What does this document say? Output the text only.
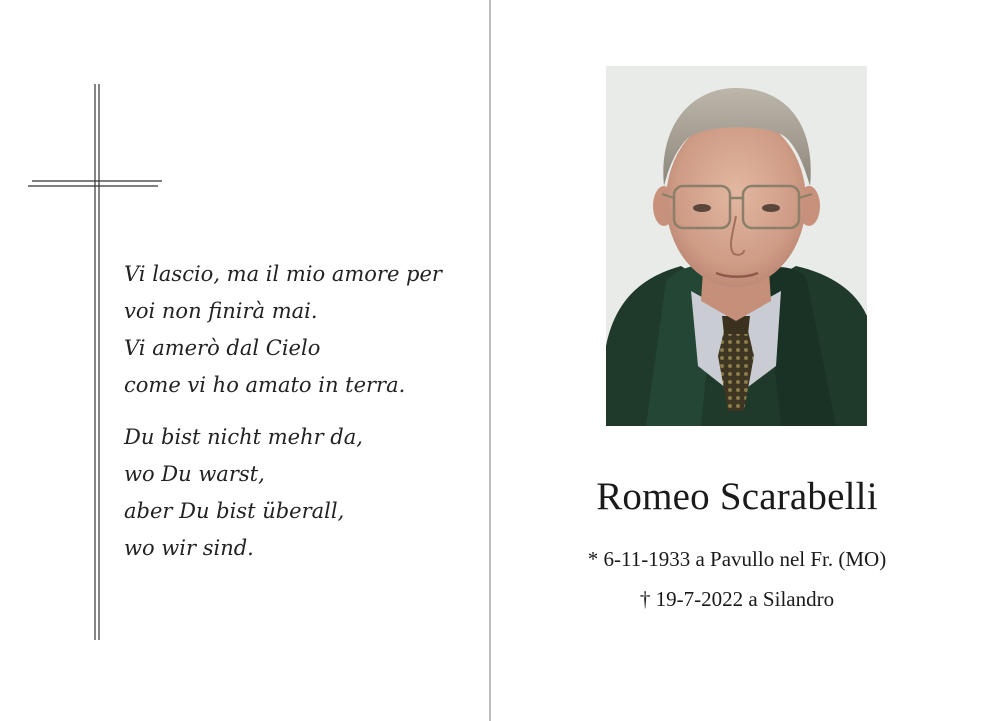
Vi lascio, ma il mio amore per
voi non finirà mai.
Vi amerò dal Cielo
come vi ho amato in terra.

Du bist nicht mehr da,
wo Du warst,
aber Du bist überall,
wo wir sind.

Romeo Scarabelli
* 6-11-1933 a Pavullo nel Fr. (MO)
† 19-7-2022 a Silandro
